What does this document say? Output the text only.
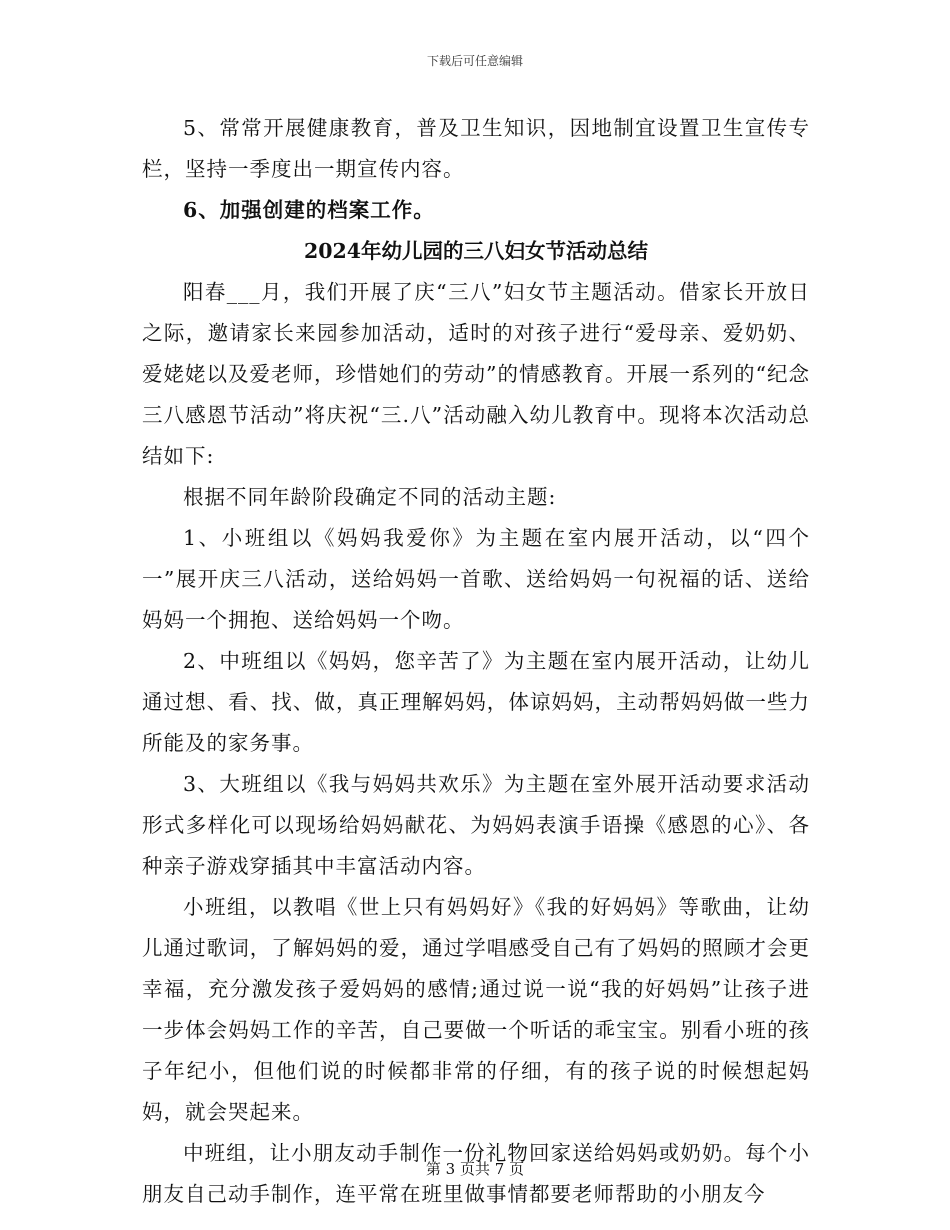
下载后可任意编辑

5、常常开展健康教育，普及卫生知识，因地制宜设置卫生宣传专栏，坚持一季度出一期宣传内容。

6、加强创建的档案工作。

2024年幼儿园的三八妇女节活动总结

阳春___月，我们开展了庆“三八”妇女节主题活动。借家长开放日之际，邀请家长来园参加活动，适时的对孩子进行“爱母亲、爱奶奶、爱姥姥以及爱老师，珍惜她们的劳动”的情感教育。开展一系列的“纪念三八感恩节活动”将庆祝“三.八”活动融入幼儿教育中。现将本次活动总结如下:

根据不同年龄阶段确定不同的活动主题:

1、小班组以《妈妈我爱你》为主题在室内展开活动，以“四个一”展开庆三八活动，送给妈妈一首歌、送给妈妈一句祝福的话、送给妈妈一个拥抱、送给妈妈一个吻。

2、中班组以《妈妈，您辛苦了》为主题在室内展开活动，让幼儿通过想、看、找、做，真正理解妈妈，体谅妈妈，主动帮妈妈做一些力所能及的家务事。

3、大班组以《我与妈妈共欢乐》为主题在室外展开活动要求活动形式多样化可以现场给妈妈献花、为妈妈表演手语操《感恩的心》、各种亲子游戏穿插其中丰富活动内容。

小班组，以教唱《世上只有妈妈好》《我的好妈妈》等歌曲，让幼儿通过歌词，了解妈妈的爱，通过学唱感受自己有了妈妈的照顾才会更幸福，充分激发孩子爱妈妈的感情;通过说一说“我的好妈妈”让孩子进一步体会妈妈工作的辛苦，自己要做一个听话的乖宝宝。别看小班的孩子年纪小，但他们说的时候都非常的仔细，有的孩子说的时候想起妈妈，就会哭起来。

中班组，让小朋友动手制作一份礼物回家送给妈妈或奶奶。每个小朋友自己动手制作，连平常在班里做事情都要老师帮助的小朋友今

第 3 页共 7 页
